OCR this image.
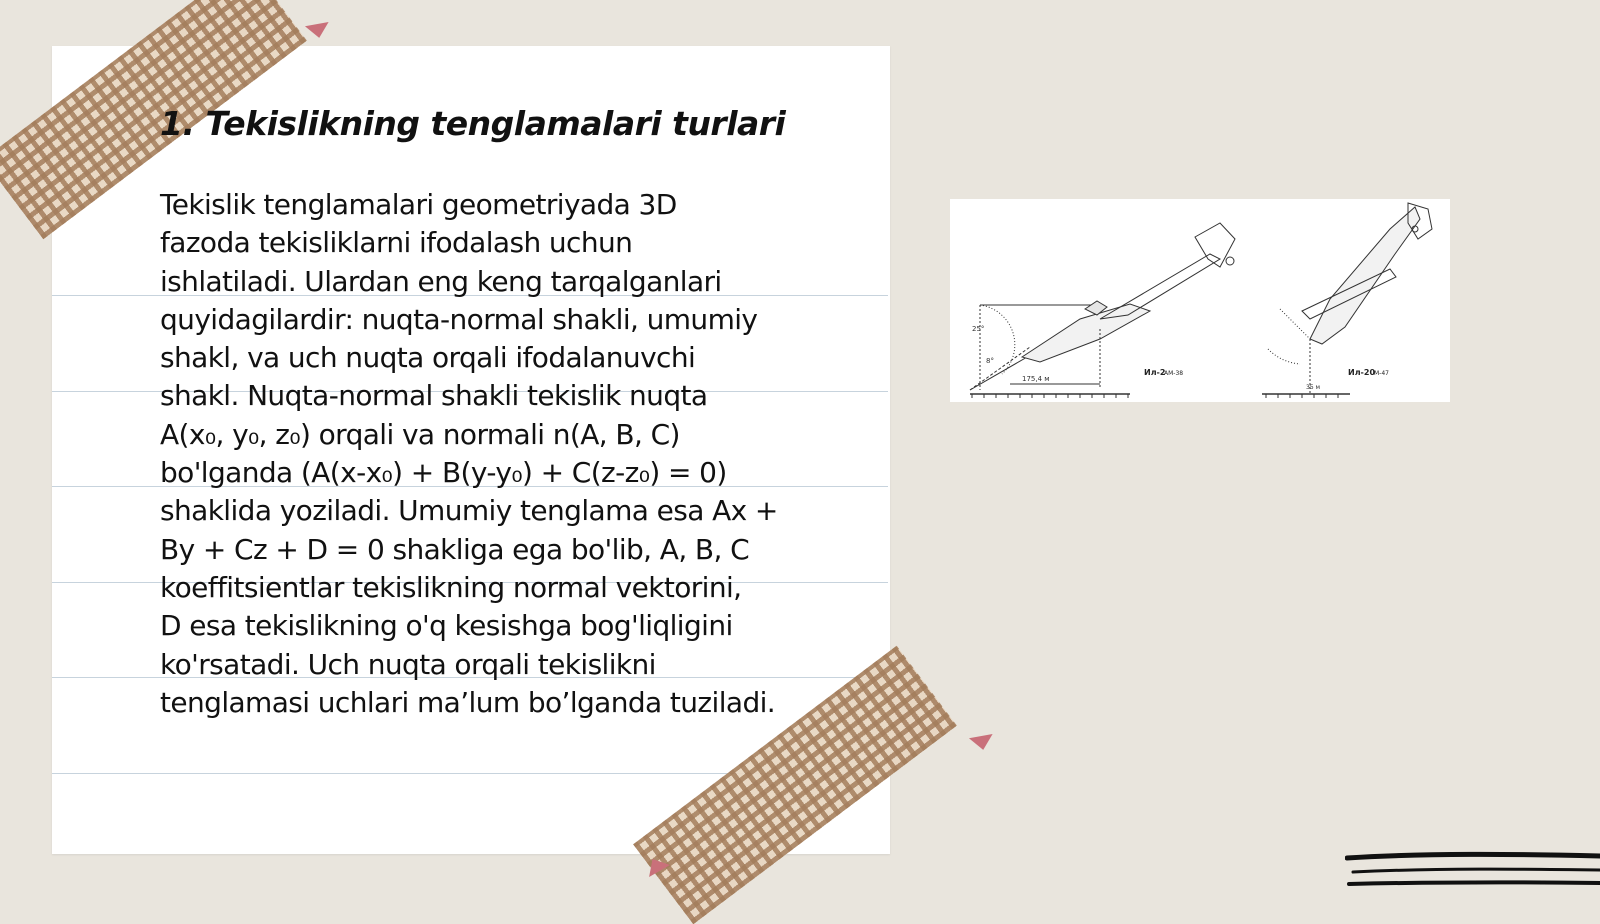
1. Tekislikning tenglamalari turlari

Tekislik tenglamalari geometriyada 3D
fazoda tekisliklarni ifodalash uchun
ishlatiladi. Ulardan eng keng tarqalganlari
quyidagilardir: nuqta-normal shakli, umumiy
shakl, va uch nuqta orqali ifodalanuvchi
shakl. Nuqta-normal shakli tekislik nuqta
A(x₀, y₀, z₀) orqali va normali n(A, B, C)
bo'lganda (A(x-x₀) + B(y-y₀) + C(z-z₀) = 0)
shaklida yoziladi. Umumiy tenglama esa Ax +
By + Cz + D = 0 shakliga ega bo'lib, A, B, C
koeffitsientlar tekislikning normal vektorini,
D esa tekislikning o'q kesishga bog'liqligini
ko'rsatadi. Uch nuqta orqali tekislikni
tenglamasi uchlari ma’lum bo’lganda tuziladi.

25°
8°
175,4 м
Ил-2
АМ-38
35 м
Ил-20
М-47
